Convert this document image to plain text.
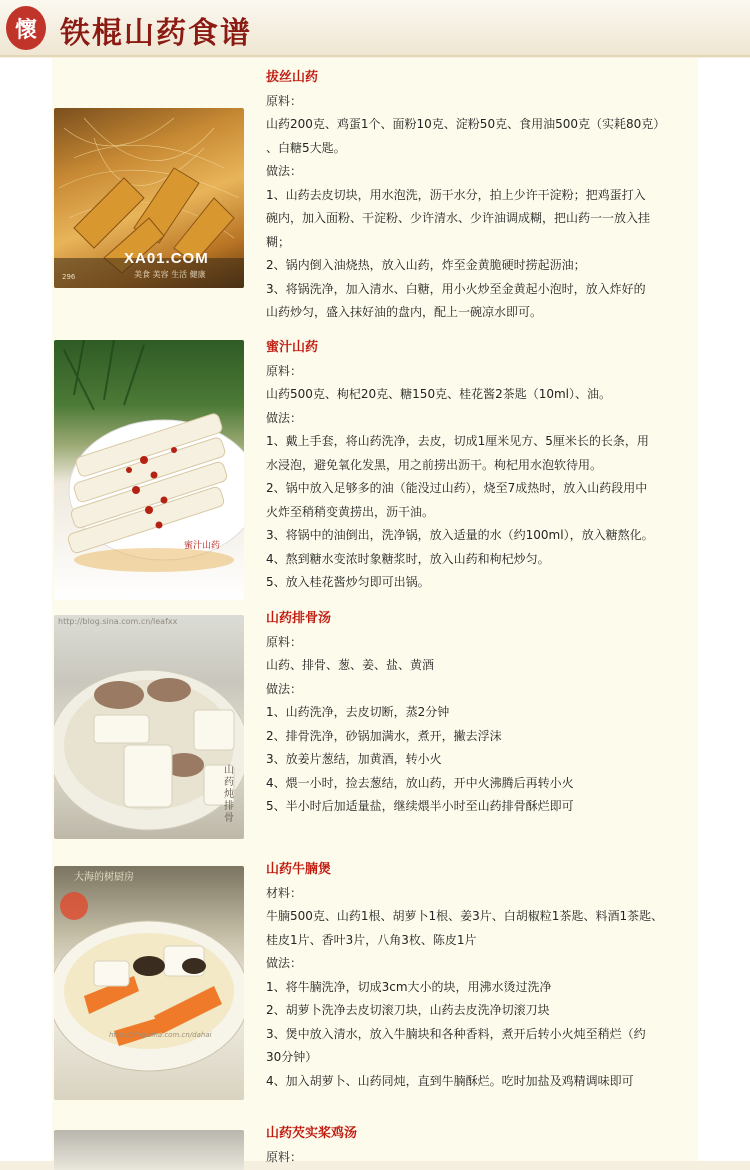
懷 铁棍山药食谱
XA01.COM
美食 美容 生活 健康
296

拔丝山药

原料：

山药200克、鸡蛋1个、面粉10克、淀粉50克、食用油500克（实耗80克）

、白糖5大匙。

做法：

1、山药去皮切块，用水泡洗，沥干水分，拍上少许干淀粉；把鸡蛋打入

碗内，加入面粉、干淀粉、少许清水、少许油调成糊，把山药一一放入挂

糊；

2、锅内倒入油烧热，放入山药，炸至金黄脆硬时捞起沥油；

3、将锅洗净，加入清水、白糖，用小火炒至金黄起小泡时，放入炸好的

山药炒匀，盛入抹好油的盘内，配上一碗凉水即可。

蜜汁山药

蜜汁山药

原料：

山药500克、枸杞20克、糖150克、桂花酱2茶匙（10ml）、油。

做法：

1、戴上手套，将山药洗净，去皮，切成1厘米见方、5厘米长的长条，用

水浸泡，避免氧化发黑，用之前捞出沥干。枸杞用水泡软待用。

2、锅中放入足够多的油（能没过山药），烧至7成热时，放入山药段用中

火炸至稍稍变黄捞出，沥干油。

3、将锅中的油倒出，洗净锅，放入适量的水（约100ml），放入糖熬化。

4、熬到糖水变浓时象糖浆时，放入山药和枸杞炒匀。

5、放入桂花酱炒匀即可出锅。

http://blog.sina.com.cn/leafxx
山药炖排骨

山药排骨汤

原料：

山药、排骨、葱、姜、盐、黄酒

做法：

1、山药洗净，去皮切断，蒸2分钟

2、排骨洗净，砂锅加满水，煮开，撇去浮沫

3、放姜片葱结，加黄酒，转小火

4、煨一小时，捡去葱结，放山药，开中火沸腾后再转小火

5、半小时后加适量盐，继续煨半小时至山药排骨酥烂即可

大海的树厨房
http://blog.sina.com.cn/dahai

山药牛腩煲

材料：

牛腩500克、山药1根、胡萝卜1根、姜3片、白胡椒粒1茶匙、料酒1茶匙、

桂皮1片、香叶3片，八角3枚、陈皮1片

做法：

1、将牛腩洗净，切成3cm大小的块，用沸水烫过洗净

2、胡萝卜洗净去皮切滚刀块，山药去皮洗净切滚刀块

3、煲中放入清水，放入牛腩块和各种香料，煮开后转小火炖至稍烂（约

30分钟）

4、加入胡萝卜、山药同炖，直到牛腩酥烂。吃时加盐及鸡精调味即可

山药芡实桨鸡汤

原料：
